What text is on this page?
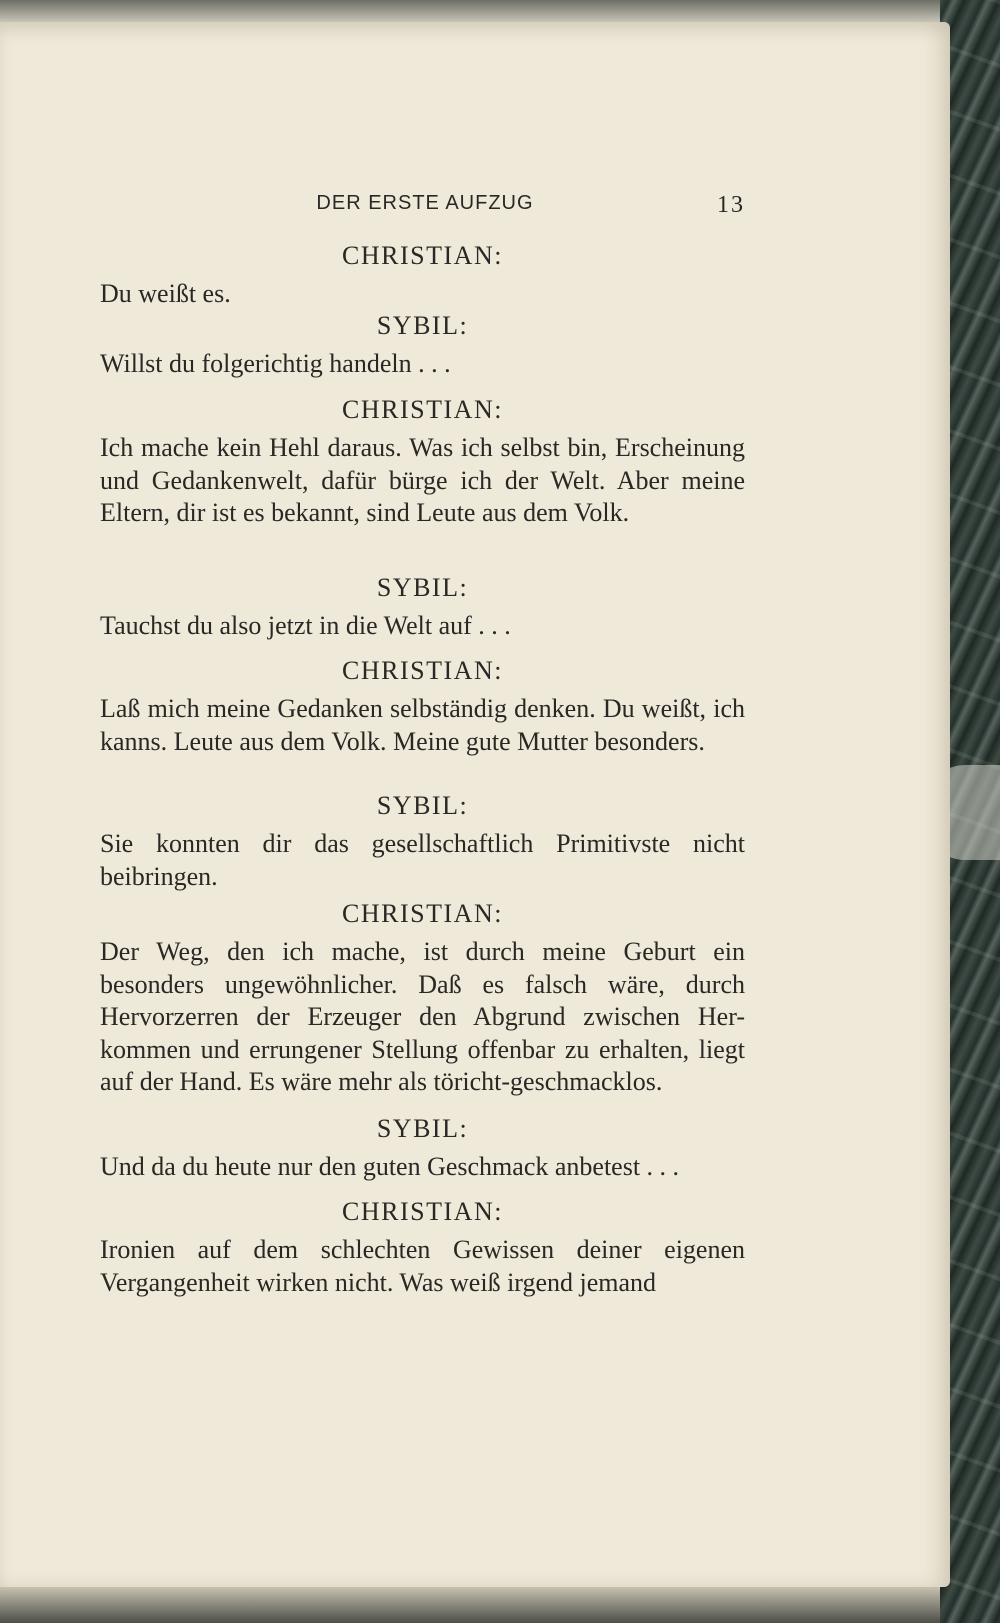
DER ERSTE AUFZUG	13
CHRISTIAN:
Du weißt es.
SYBIL:
Willst du folgerichtig handeln . . .
CHRISTIAN:
Ich mache kein Hehl daraus. Was ich selbst bin, Erscheinung und Gedankenwelt, dafür bürge ich der Welt. Aber meine Eltern, dir ist es bekannt, sind Leute aus dem Volk.
SYBIL:
Tauchst du also jetzt in die Welt auf . . .
CHRISTIAN:
Laß mich meine Gedanken selbständig denken. Du weißt, ich kanns. Leute aus dem Volk. Meine gute Mutter besonders.
SYBIL:
Sie konnten dir das gesellschaftlich Primitivste nicht beibringen.
CHRISTIAN:
Der Weg, den ich mache, ist durch meine Geburt ein besonders ungewöhnlicher. Daß es falsch wäre, durch Hervorzerren der Erzeuger den Abgrund zwischen Her-kommen und errungener Stellung offenbar zu erhalten, liegt auf der Hand. Es wäre mehr als töricht-geschmacklos.
SYBIL:
Und da du heute nur den guten Geschmack anbetest . . .
CHRISTIAN:
Ironien auf dem schlechten Gewissen deiner eigenen Vergangenheit wirken nicht. Was weiß irgend jemand
